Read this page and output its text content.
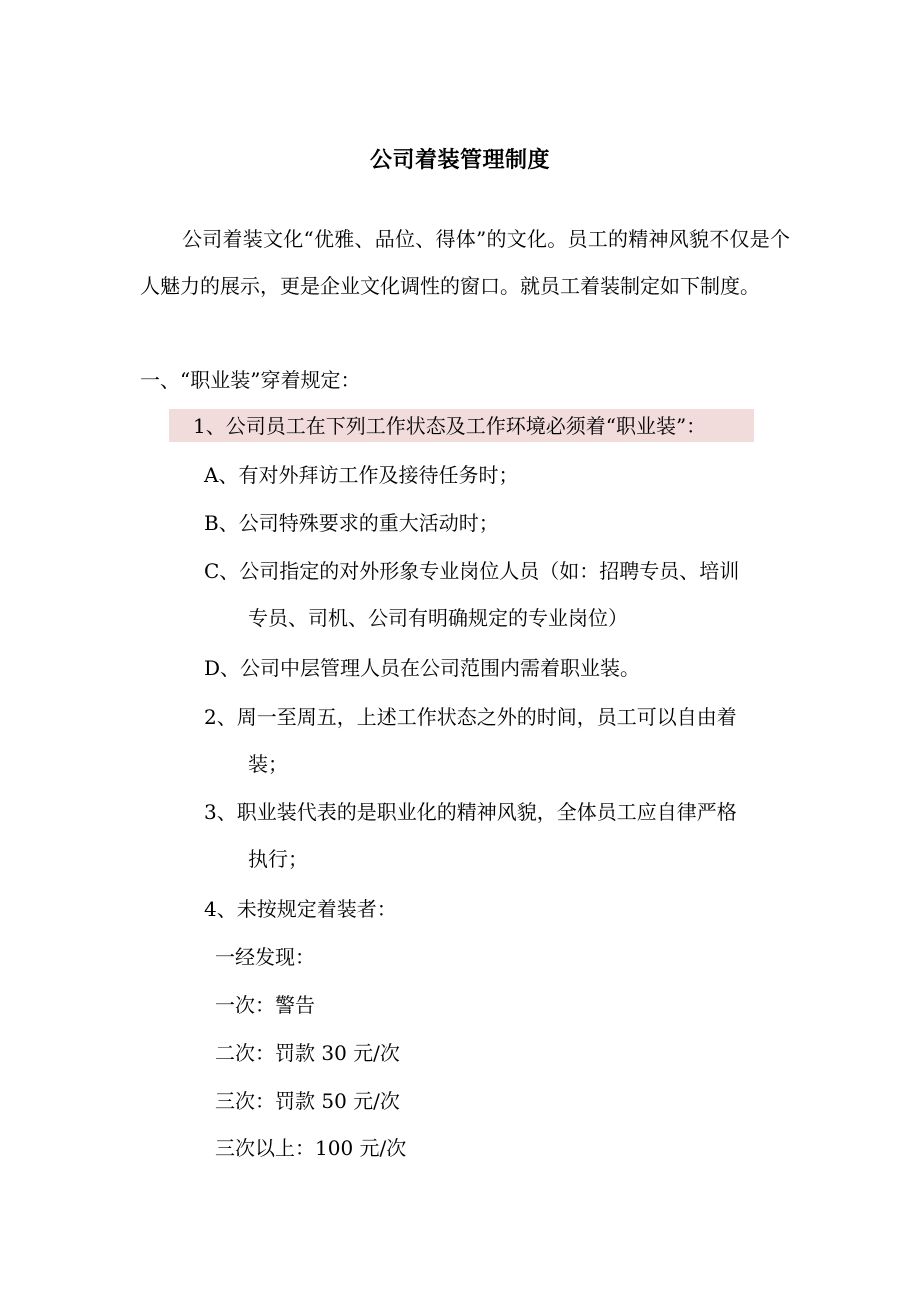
公司着装管理制度

公司着装文化“优雅、品位、得体”的文化。员工的精神风貌不仅是个人魅力的展示，更是企业文化调性的窗口。就员工着装制定如下制度。

一、“职业装”穿着规定：
1、公司员工在下列工作状态及工作环境必须着“职业装”：
A、有对外拜访工作及接待任务时；
B、公司特殊要求的重大活动时；
C、公司指定的对外形象专业岗位人员（如：招聘专员、培训
专员、司机、公司有明确规定的专业岗位）
D、公司中层管理人员在公司范围内需着职业装。
2、周一至周五，上述工作状态之外的时间，员工可以自由着
装；
3、职业装代表的是职业化的精神风貌，全体员工应自律严格
执行；
4、未按规定着装者：
一经发现：
一次：警告
二次：罚款 30 元/次
三次：罚款 50 元/次
三次以上：100 元/次
